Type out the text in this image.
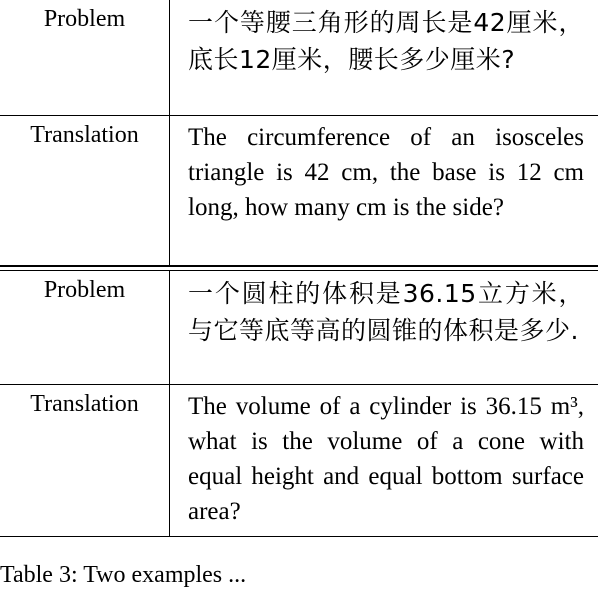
Problem	一个等腰三角形的周长是42厘米，底长12厘米，腰长多少厘米?
Translation	The circumference of an isosceles triangle is 42 cm, the base is 12 cm long, how many cm is the side?
Problem	一个圆柱的体积是36.15立方米，与它等底等高的圆锥的体积是多少.
Translation	The volume of a cylinder is 36.15 m³, what is the volume of a cone with equal height and equal bottom surface area?
Table 3: Two examples ...
